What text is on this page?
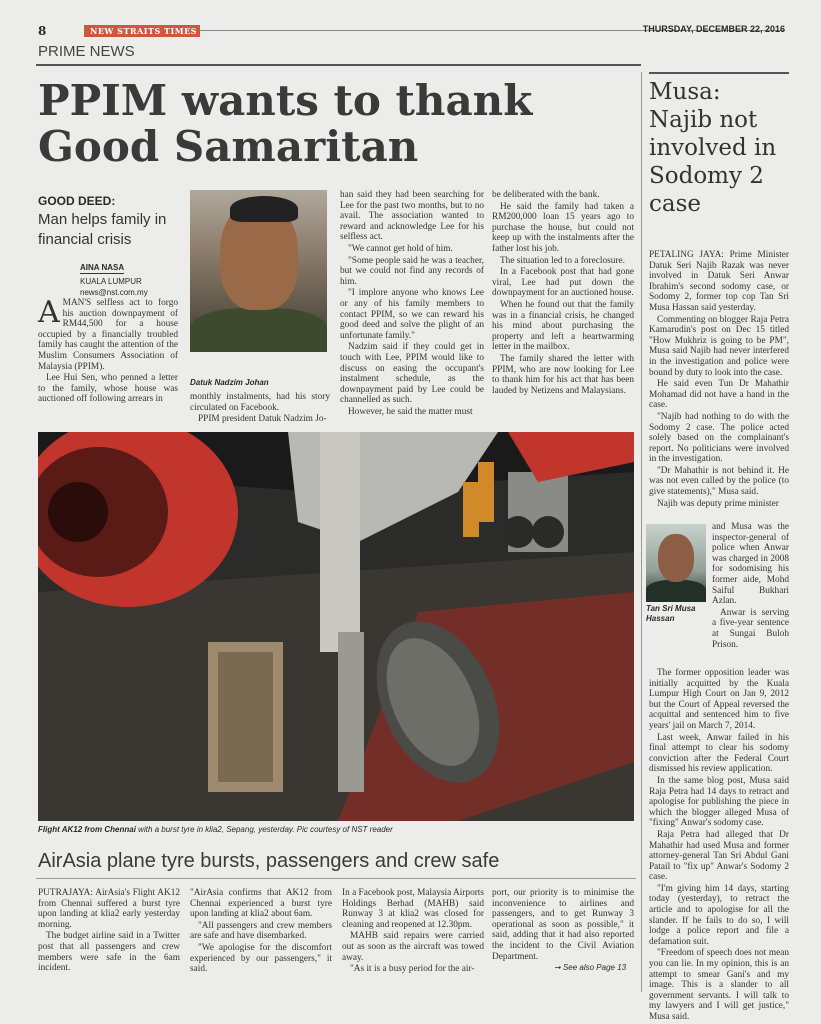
8	NEW STRAITS TIMES	THURSDAY, DECEMBER 22, 2016
PRIME NEWS
PPIM wants to thank Good Samaritan
GOOD DEED:
Man helps family in financial crisis
AINA NASA
KUALA LUMPUR
news@nst.com.my

AMAN'S selfless act to forgo his auction downpayment of RM44,500 for a house occupied by a financially troubled family has caught the attention of the Muslim Consumers Association of Malaysia (PPIM).

Lee Hui Sen, who penned a letter to the family, whose house was auctioned off following arrears in

Datuk Nadzim Johan

monthly instalments, had his story circulated on Facebook.

PPIM president Datuk Nadzim Jo-

han said they had been searching for Lee for the past two months, but to no avail. The association wanted to reward and acknowledge Lee for his selfless act.

"We cannot get hold of him.

"Some people said he was a teacher, but we could not find any records of him.

"I implore anyone who knows Lee or any of his family members to contact PPIM, so we can reward his good deed and solve the plight of an unfortunate family."

Nadzim said if they could get in touch with Lee, PPIM would like to discuss on easing the occupant's instalment schedule, as the downpayment paid by Lee could be channelled as such.

However, he said the matter must

be deliberated with the bank.

He said the family had taken a RM200,000 loan 15 years ago to purchase the house, but could not keep up with the instalments after the father lost his job.

The situation led to a foreclosure.

In a Facebook post that had gone viral, Lee had put down the downpayment for an auctioned house.

When he found out that the family was in a financial crisis, he changed his mind about purchasing the property and left a heartwarming letter in the mailbox.

The family shared the letter with PPIM, who are now looking for Lee to thank him for his act that has been lauded by Netizens and Malaysians.

Musa: Najib not involved in Sodomy 2 case

PETALING JAYA: Prime Minister Datuk Seri Najib Razak was never involved in Datuk Seri Anwar Ibrahim's second sodomy case, or Sodomy 2, former top cop Tan Sri Musa Hassan said yesterday.

Commenting on blogger Raja Petra Kamarudin's post on Dec 15 titled "How Mukhriz is going to be PM", Musa said Najib had never interfered in the investigation and police were bound by duty to look into the case.

He said even Tun Dr Mahathir Mohamad did not have a hand in the case.

"Najib had nothing to do with the Sodomy 2 case. The police acted solely based on the complainant's report. No politicians were involved in the investigation.

"Dr Mahathir is not behind it. He was not even called by the police (to give statements)," Musa said.

Najib was deputy prime minister

Tan Sri Musa Hassan

and Musa was the inspector-general of police when Anwar was charged in 2008 for sodomising his former aide, Mohd Saiful Bukhari Azlan.

Anwar is serving a five-year sentence at Sungai Buloh Prison.

The former opposition leader was initially acquitted by the Kuala Lumpur High Court on Jan 9, 2012 but the Court of Appeal reversed the acquittal and sentenced him to five years' jail on March 7, 2014.

Last week, Anwar failed in his final attempt to clear his sodomy conviction after the Federal Court dismissed his review application.

In the same blog post, Musa said Raja Petra had 14 days to retract and apologise for publishing the piece in which the blogger alleged Musa of "fixing" Anwar's sodomy case.

Raja Petra had alleged that Dr Mahathir had used Musa and former attorney-general Tan Sri Abdul Gani Patail to "fix up" Anwar's Sodomy 2 case.

"I'm giving him 14 days, starting today (yesterday), to retract the article and to apologise for all the slander. If he fails to do so, I will lodge a police report and file a defamation suit.

"Freedom of speech does not mean you can lie. In my opinion, this is an attempt to smear Gani's and my image. This is a slander to all government servants. I will talk to my lawyers and I will get justice," Musa said.

Flight AK12 from Chennai with a burst tyre in klia2, Sepang, yesterday. Pic courtesy of NST reader
AirAsia plane tyre bursts, passengers and crew safe

PUTRAJAYA: AirAsia's Flight AK12 from Chennai suffered a burst tyre upon landing at klia2 early yesterday morning.

The budget airline said in a Twitter post that all passengers and crew members were safe in the 6am incident.

"AirAsia confirms that AK12 from Chennai experienced a burst tyre upon landing at klia2 about 6am.

"All passengers and crew members are safe and have disembarked.

"We apologise for the discomfort experienced by our passengers," it said.

In a Facebook post, Malaysia Airports Holdings Berhad (MAHB) said Runway 3 at klia2 was closed for cleaning and reopened at 12.30pm.

MAHB said repairs were carried out as soon as the aircraft was towed away.

"As it is a busy period for the air-

port, our priority is to minimise the inconvenience to airlines and passengers, and to get Runway 3 operational as soon as possible," it said, adding that it had also reported the incident to the Civil Aviation Department.

➞ See also Page 13
